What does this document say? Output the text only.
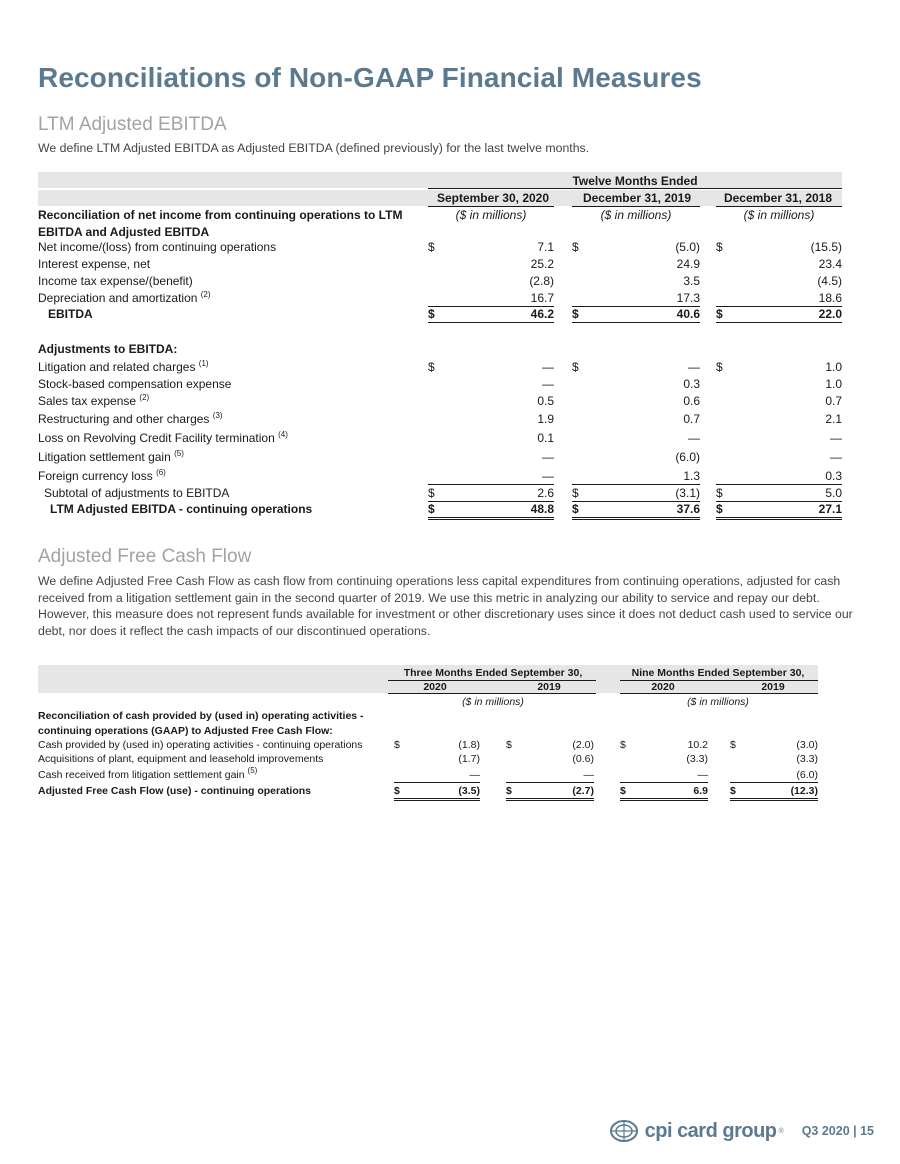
Reconciliations of Non-GAAP Financial Measures
LTM Adjusted EBITDA
We define LTM Adjusted EBITDA as Adjusted EBITDA (defined previously) for the last twelve months.
Twelve Months Ended
September 30, 2020	December 31, 2019	December 31, 2018
Reconciliation of net income from continuing operations to LTM
EBITDA and Adjusted EBITDA
($ in millions)	($ in millions)	($ in millions)
Net income/(loss) from continuing operations	$	7.1 $	(5.0) $	(15.5)
Interest expense, net	25.2	24.9	23.4
Income tax expense/(benefit)	(2.8)	3.5	(4.5)
Depreciation and amortization $^{(2)}$	16.7	17.3	18.6
EBITDA	$	46.2 $	40.6 $	22.0
Adjustments to EBITDA:
Litigation and related charges $^{(1)}$	$	— $	— $	1.0
Stock-based compensation expense	—	0.3	1.0
Sales tax expense $^{(2)}$	0.5	0.6	0.7
Restructuring and other charges $^{(3)}$	1.9	0.7	2.1
Loss on Revolving Credit Facility termination $^{(4)}$	0.1	—	—
Litigation settlement gain $^{(5)}$	—	(6.0)	—
Foreign currency loss $^{(6)}$	—	1.3	0.3
Subtotal of adjustments to EBITDA	$	2.6 $	(3.1) $	5.0
LTM Adjusted EBITDA - continuing operations	$	48.8 $	37.6 $	27.1
Adjusted Free Cash Flow
We define Adjusted Free Cash Flow as cash flow from continuing operations less capital expenditures from continuing operations, adjusted for cash received from a litigation settlement gain in the second quarter of 2019. We use this metric in analyzing our ability to service and repay our debt. However, this measure does not represent funds available for investment or other discretionary uses since it does not deduct cash used to service our debt, nor does it reflect the cash impacts of our discontinued operations.
Three Months Ended September 30,	Nine Months Ended September 30,
2020	2019	2020	2019
($ in millions)	($ in millions)
Reconciliation of cash provided by (used in) operating activities -
continuing operations (GAAP) to Adjusted Free Cash Flow:
Cash provided by (used in) operating activities - continuing operations	$	(1.8) $	(2.0) $	10.2 $	(3.0)
Acquisitions of plant, equipment and leasehold improvements	(1.7)	(0.6)	(3.3)	(3.3)
Cash received from litigation settlement gain $^{(5)}$	—	—	—	(6.0)
Adjusted Free Cash Flow (use) - continuing operations	$	(3.5) $	(2.7) $	6.9 $	(12.3)
cpi card group ® Q3 2020 | 15
